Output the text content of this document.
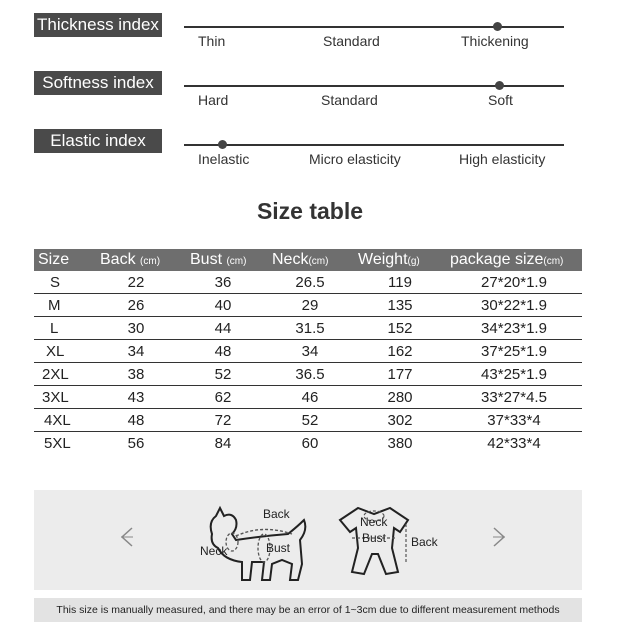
Thickness index
Thin	Standard	Thickening
Softness index
Hard	Standard	Soft
Elastic index
Inelastic	Micro elasticity	High elasticity
Size table
Size	Back (cm)	Bust (cm)	Neck(cm)	Weight(g)	package size(cm)
S	22	36	26.5	119	27*20*1.9
M	26	40	29	135	30*22*1.9
L	30	44	31.5	152	34*23*1.9
XL	34	48	34	162	37*25*1.9
2XL	38	52	36.5	177	43*25*1.9
3XL	43	62	46	280	33*27*4.5
4XL	48	72	52	302	37*33*4
5XL	56	84	60	380	42*33*4
Back
Neck	Bust
Neck
Bust Back
This size is manually measured, and there may be an error of 1~3cm due to different measurement methods
